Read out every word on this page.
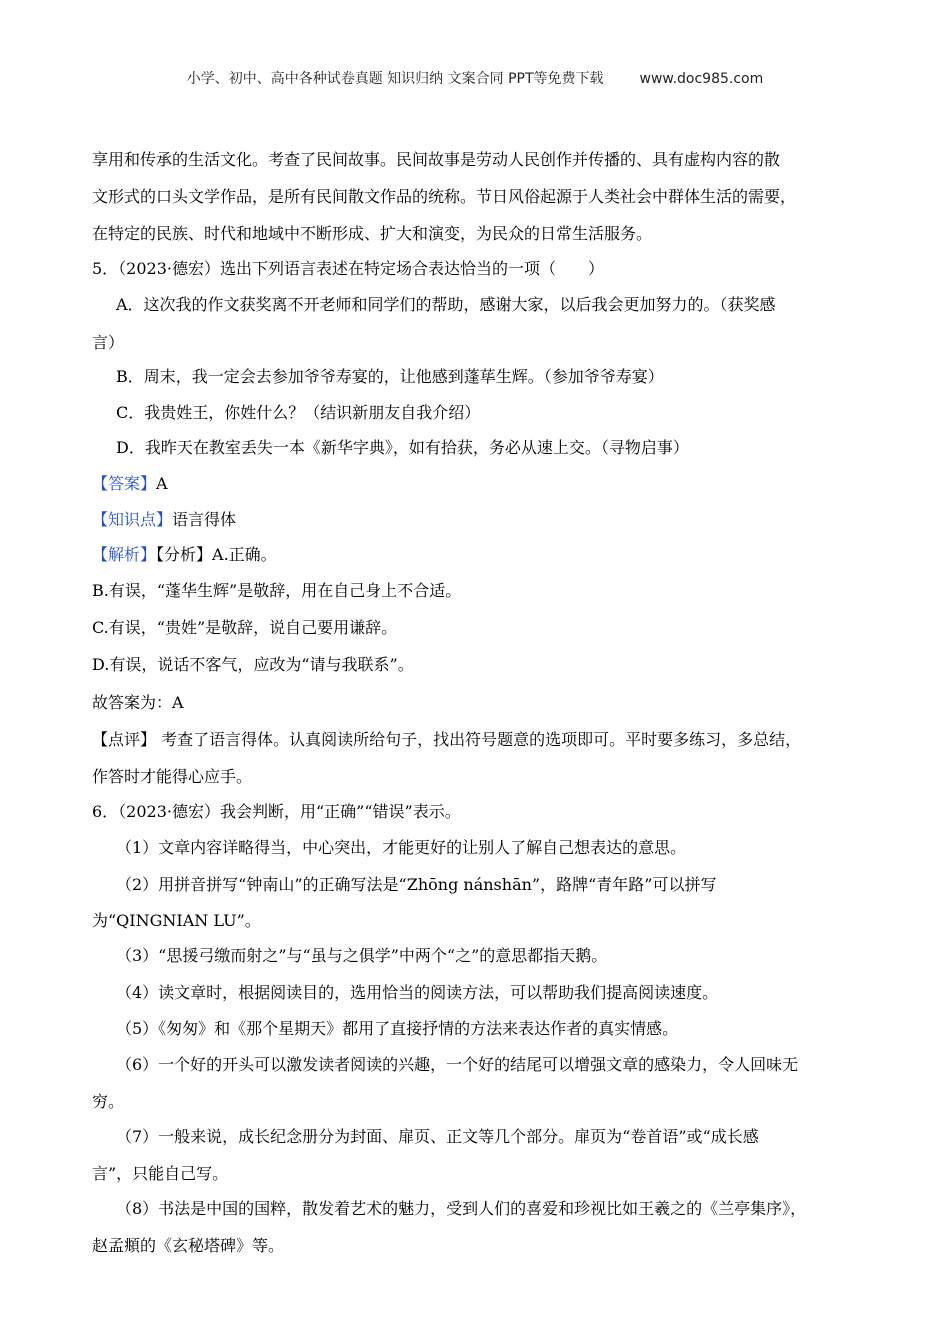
小学、初中、高中各种试卷真题 知识归纳 文案合同 PPT等免费下载	www.doc985.com
享用和传承的生活文化。考查了民间故事。民间故事是劳动人民创作并传播的、具有虚构内容的散
文形式的口头文学作品，是所有民间散文作品的统称。节日风俗起源于人类社会中群体生活的需要，
在特定的民族、时代和地域中不断形成、扩大和演变，为民众的日常生活服务。
5．（2023·德宏）选出下列语言表述在特定场合表达恰当的一项（　　）
A．这次我的作文获奖离不开老师和同学们的帮助，感谢大家，以后我会更加努力的。（获奖感
言）
B．周末，我一定会去参加爷爷寿宴的，让他感到蓬荜生辉。（参加爷爷寿宴）
C．我贵姓王，你姓什么？（结识新朋友自我介绍）
D．我昨天在教室丢失一本《新华字典》，如有拾获，务必从速上交。（寻物启事）
【答案】A
【知识点】语言得体
【解析】【分析】A.正确。
B.有误，“蓬华生辉”是敬辞，用在自己身上不合适。
C.有误，“贵姓”是敬辞，说自己要用谦辞。
D.有误，说话不客气，应改为“请与我联系”。
故答案为：A
【点评】 考查了语言得体。认真阅读所给句子，找出符号题意的选项即可。平时要多练习，多总结，
作答时才能得心应手。
6．（2023·德宏）我会判断，用“正确”“错误”表示。
（1）文章内容详略得当，中心突出，才能更好的让别人了解自己想表达的意思。
（2）用拼音拼写“钟南山”的正确写法是“Zhōng nánshān”，路牌“青年路”可以拼写
为“QINGNIAN LU”。
（3）“思援弓缴而射之”与“虽与之俱学”中两个“之”的意思都指天鹅。
（4）读文章时，根据阅读目的，选用恰当的阅读方法，可以帮助我们提高阅读速度。
（5）《匆匆》和《那个星期天》都用了直接抒情的方法来表达作者的真实情感。
（6）一个好的开头可以激发读者阅读的兴趣，一个好的结尾可以增强文章的感染力，令人回味无
穷。
（7）一般来说，成长纪念册分为封面、扉页、正文等几个部分。扉页为“卷首语”或“成长感
言”，只能自己写。
（8）书法是中国的国粹，散发着艺术的魅力，受到人们的喜爱和珍视比如王羲之的《兰亭集序》，
赵孟頫的《玄秘塔碑》等。
